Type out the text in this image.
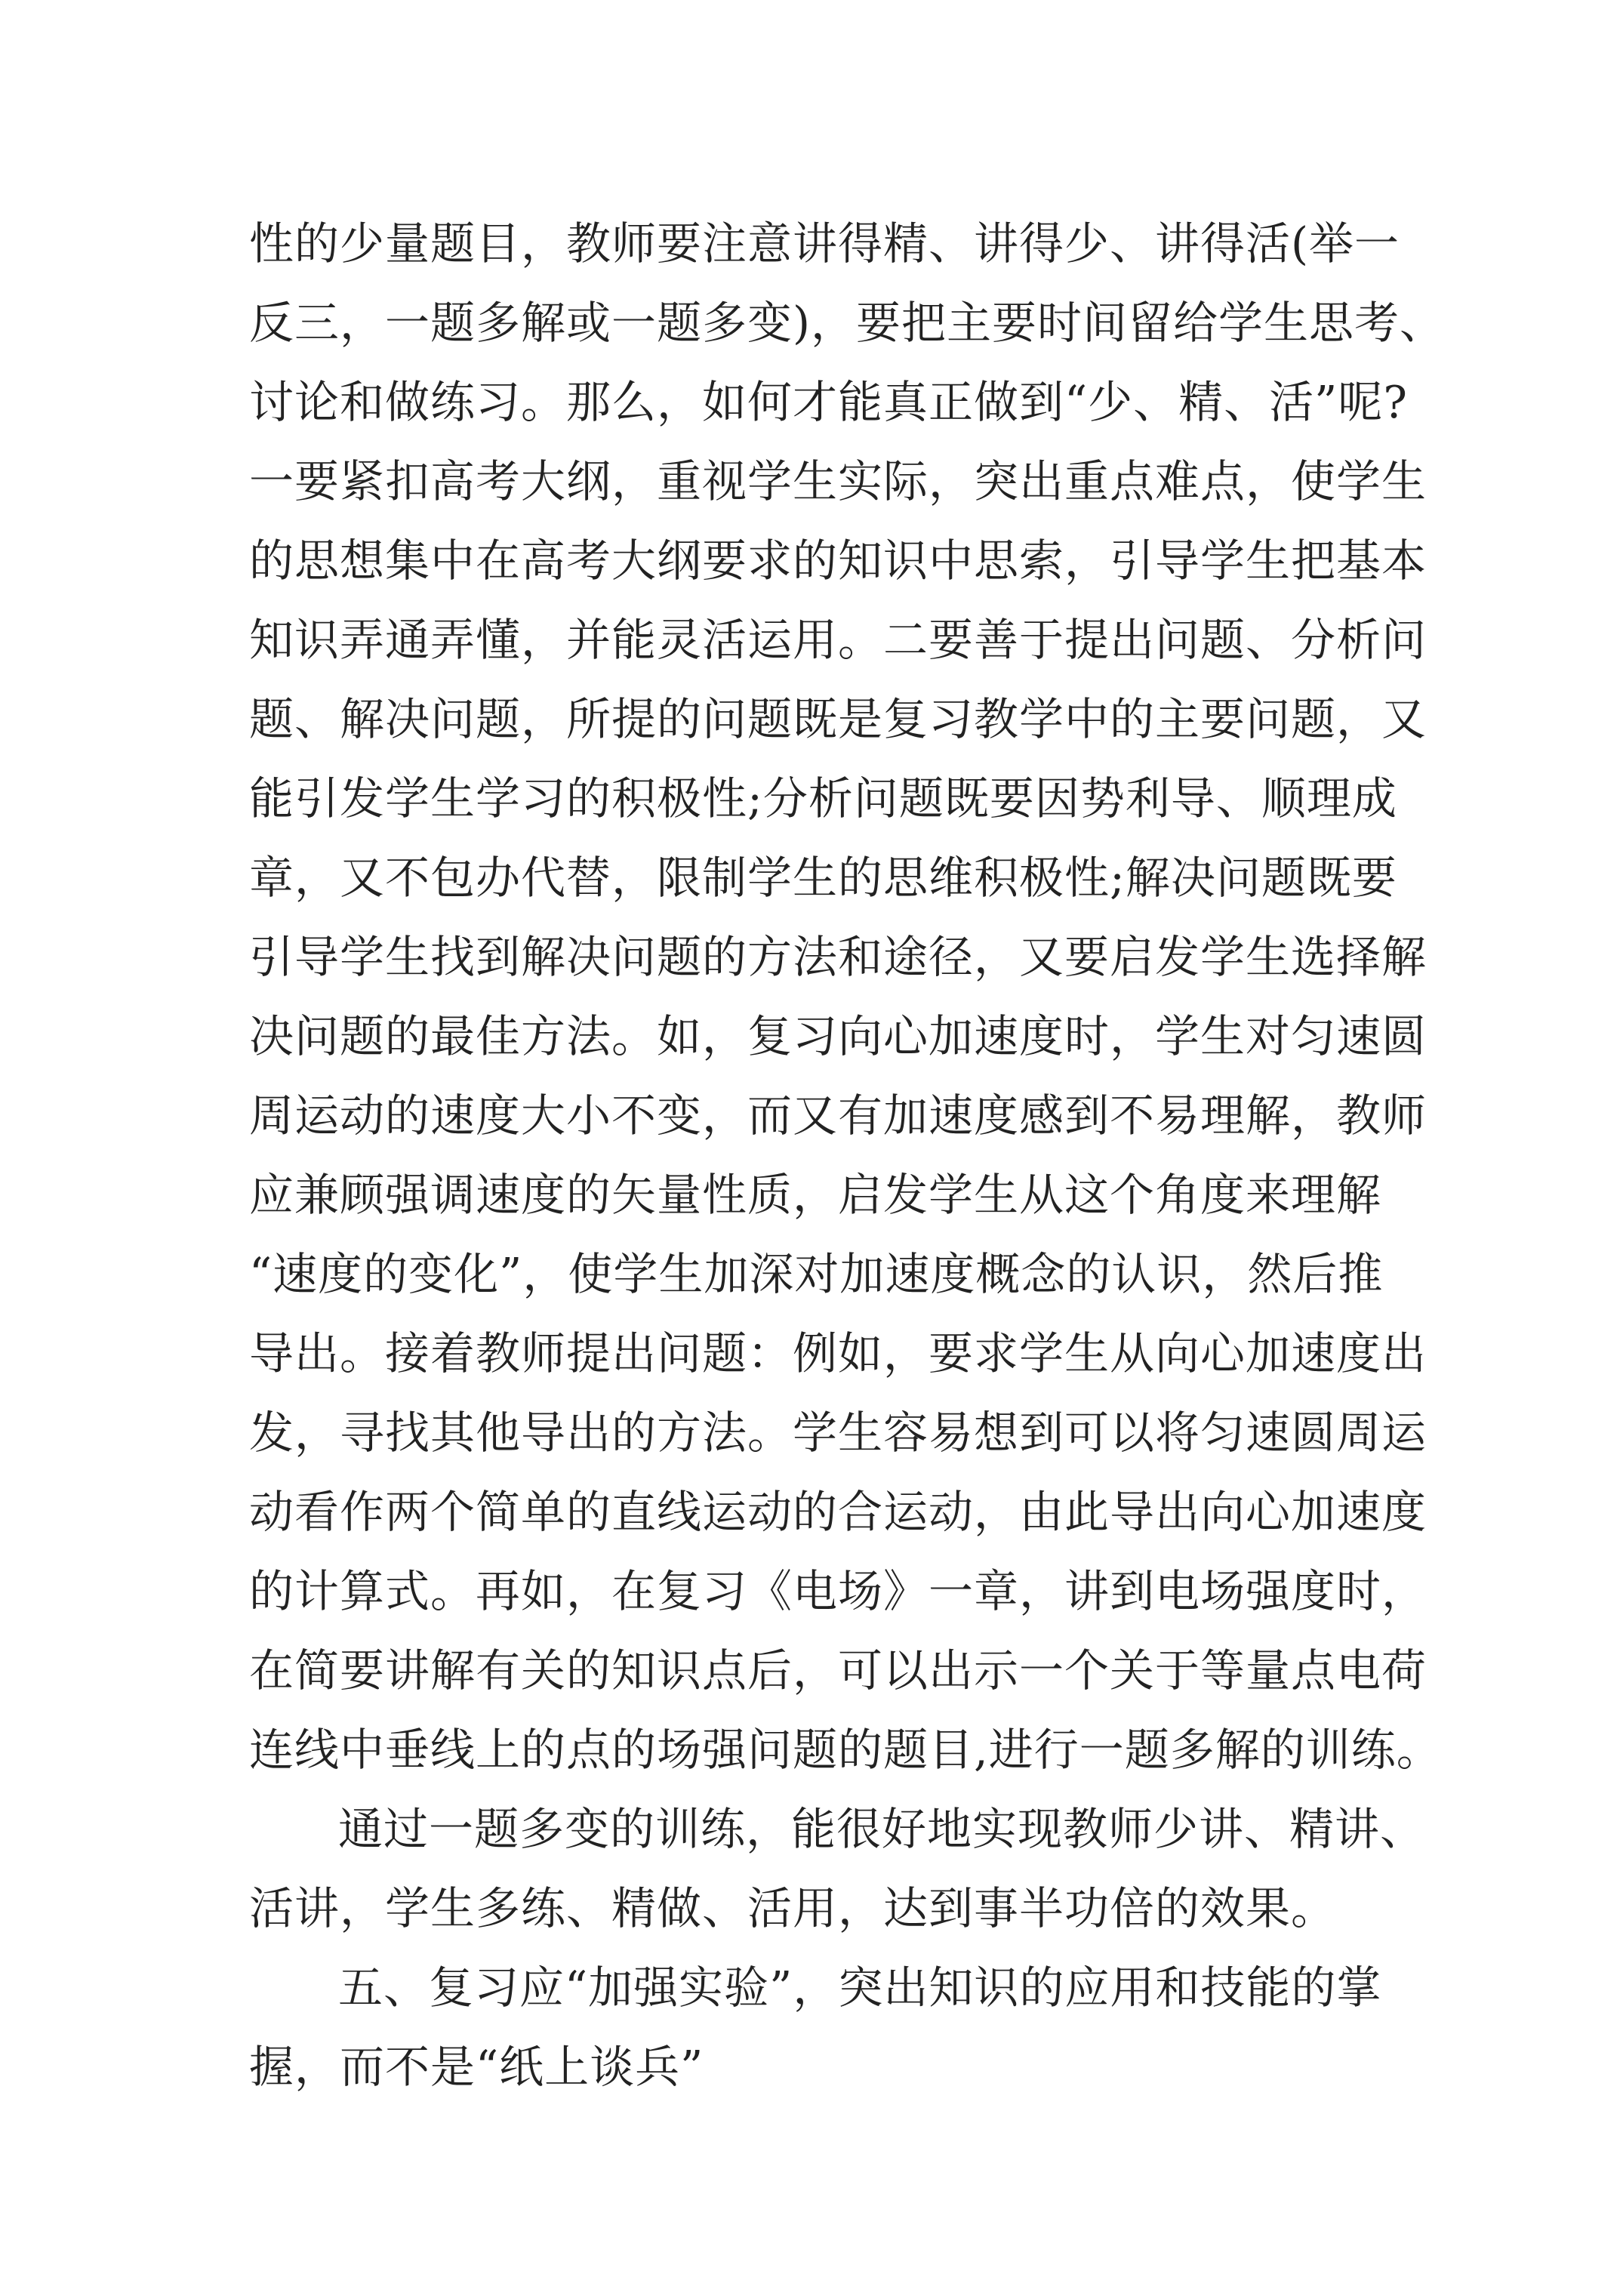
性的少量题目，教师要注意讲得精、讲得少、讲得活(举一
反三，一题多解或一题多变)，要把主要时间留给学生思考、
讨论和做练习。那么，如何才能真正做到“少、精、活”呢?
一要紧扣高考大纲，重视学生实际，突出重点难点，使学生
的思想集中在高考大纲要求的知识中思索，引导学生把基本
知识弄通弄懂，并能灵活运用。二要善于提出问题、分析问
题、解决问题，所提的问题既是复习教学中的主要问题，又
能引发学生学习的积极性;分析问题既要因势利导、顺理成
章，又不包办代替，限制学生的思维积极性;解决问题既要
引导学生找到解决问题的方法和途径，又要启发学生选择解
决问题的最佳方法。如，复习向心加速度时，学生对匀速圆
周运动的速度大小不变，而又有加速度感到不易理解，教师
应兼顾强调速度的矢量性质，启发学生从这个角度来理解
“速度的变化”，使学生加深对加速度概念的认识，然后推
导出。接着教师提出问题：例如，要求学生从向心加速度出
发，寻找其他导出的方法。学生容易想到可以将匀速圆周运
动看作两个简单的直线运动的合运动，由此导出向心加速度
的计算式。再如，在复习《电场》一章，讲到电场强度时，
在简要讲解有关的知识点后，可以出示一个关于等量点电荷
连线中垂线上的点的场强问题的题目,进行一题多解的训练。
通过一题多变的训练，能很好地实现教师少讲、精讲、
活讲，学生多练、精做、活用，达到事半功倍的效果。
五、复习应“加强实验”，突出知识的应用和技能的掌
握，而不是“纸上谈兵”
